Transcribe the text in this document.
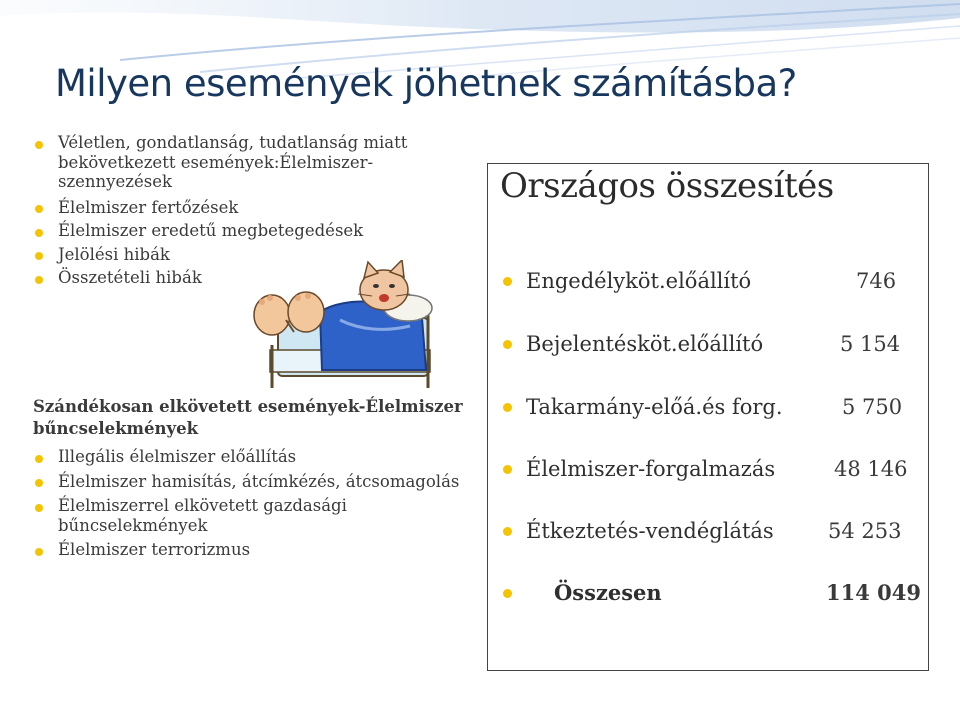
Milyen események jöhetnek számításba?
Véletlen, gondatlanság, tudatlanság miatt bekövetkezett események:Élelmiszer-szennyezések
Élelmiszer fertőzések
Élelmiszer eredetű megbetegedések
Jelölési hibák
Összetételi hibák
Szándékosan elkövetett események-Élelmiszer bűncselekmények
Illegális élelmiszer előállítás
Élelmiszer hamisítás, átcímkézés, átcsomagolás
Élelmiszerrel elkövetett gazdasági bűncselekmények
Élelmiszer terrorizmus
Országos összesítés
Engedélyköt.előállító
Bejelentésköt.előállító
Takarmány-előá.és forg.
Élelmiszer-forgalmazás
Étkeztetés-vendéglátás
Összesen
746
5 154
5 750
48 146
54 253
114 049
